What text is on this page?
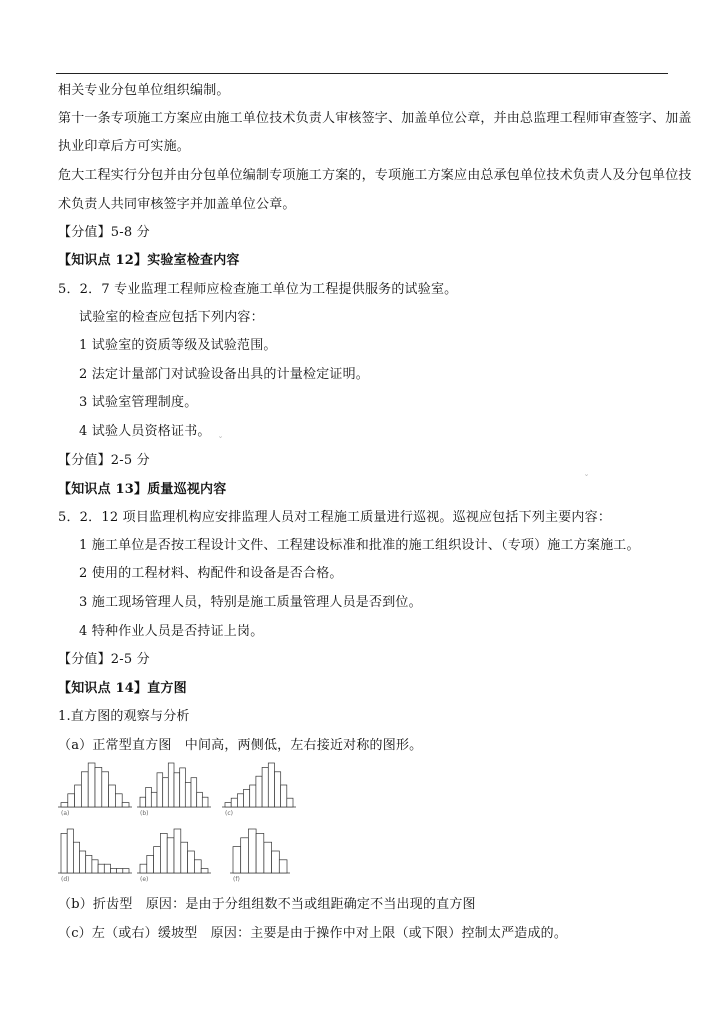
相关专业分包单位组织编制。
第十一条专项施工方案应由施工单位技术负责人审核签字、加盖单位公章，并由总监理工程师审查签字、加盖
执业印章后方可实施。
危大工程实行分包并由分包单位编制专项施工方案的，专项施工方案应由总承包单位技术负责人及分包单位技
术负责人共同审核签字并加盖单位公章。
【分值】5-8 分
【知识点 12】实验室检查内容
5．2．7 专业监理工程师应检查施工单位为工程提供服务的试验室。
试验室的检查应包括下列内容：
1 试验室的资质等级及试验范围。
2 法定计量部门对试验设备出具的计量检定证明。
3 试验室管理制度。
4 试验人员资格证书。
【分值】2-5 分
【知识点 13】质量巡视内容
5．2．12 项目监理机构应安排监理人员对工程施工质量进行巡视。巡视应包括下列主要内容：
1 施工单位是否按工程设计文件、工程建设标准和批准的施工组织设计、（专项）施工方案施工。
2 使用的工程材料、构配件和设备是否合格。
3 施工现场管理人员，特别是施工质量管理人员是否到位。
4 特种作业人员是否持证上岗。
【分值】2-5 分
【知识点 14】直方图
1.直方图的观察与分析
（a）正常型直方图　中间高，两侧低，左右接近对称的图形。
(a)	(b)	(c)
(d)	(e)	(f)
（b）折齿型　原因：是由于分组组数不当或组距确定不当出现的直方图
（c）左（或右）缓坡型　原因：主要是由于操作中对上限（或下限）控制太严造成的。
ˇ
ˇ
